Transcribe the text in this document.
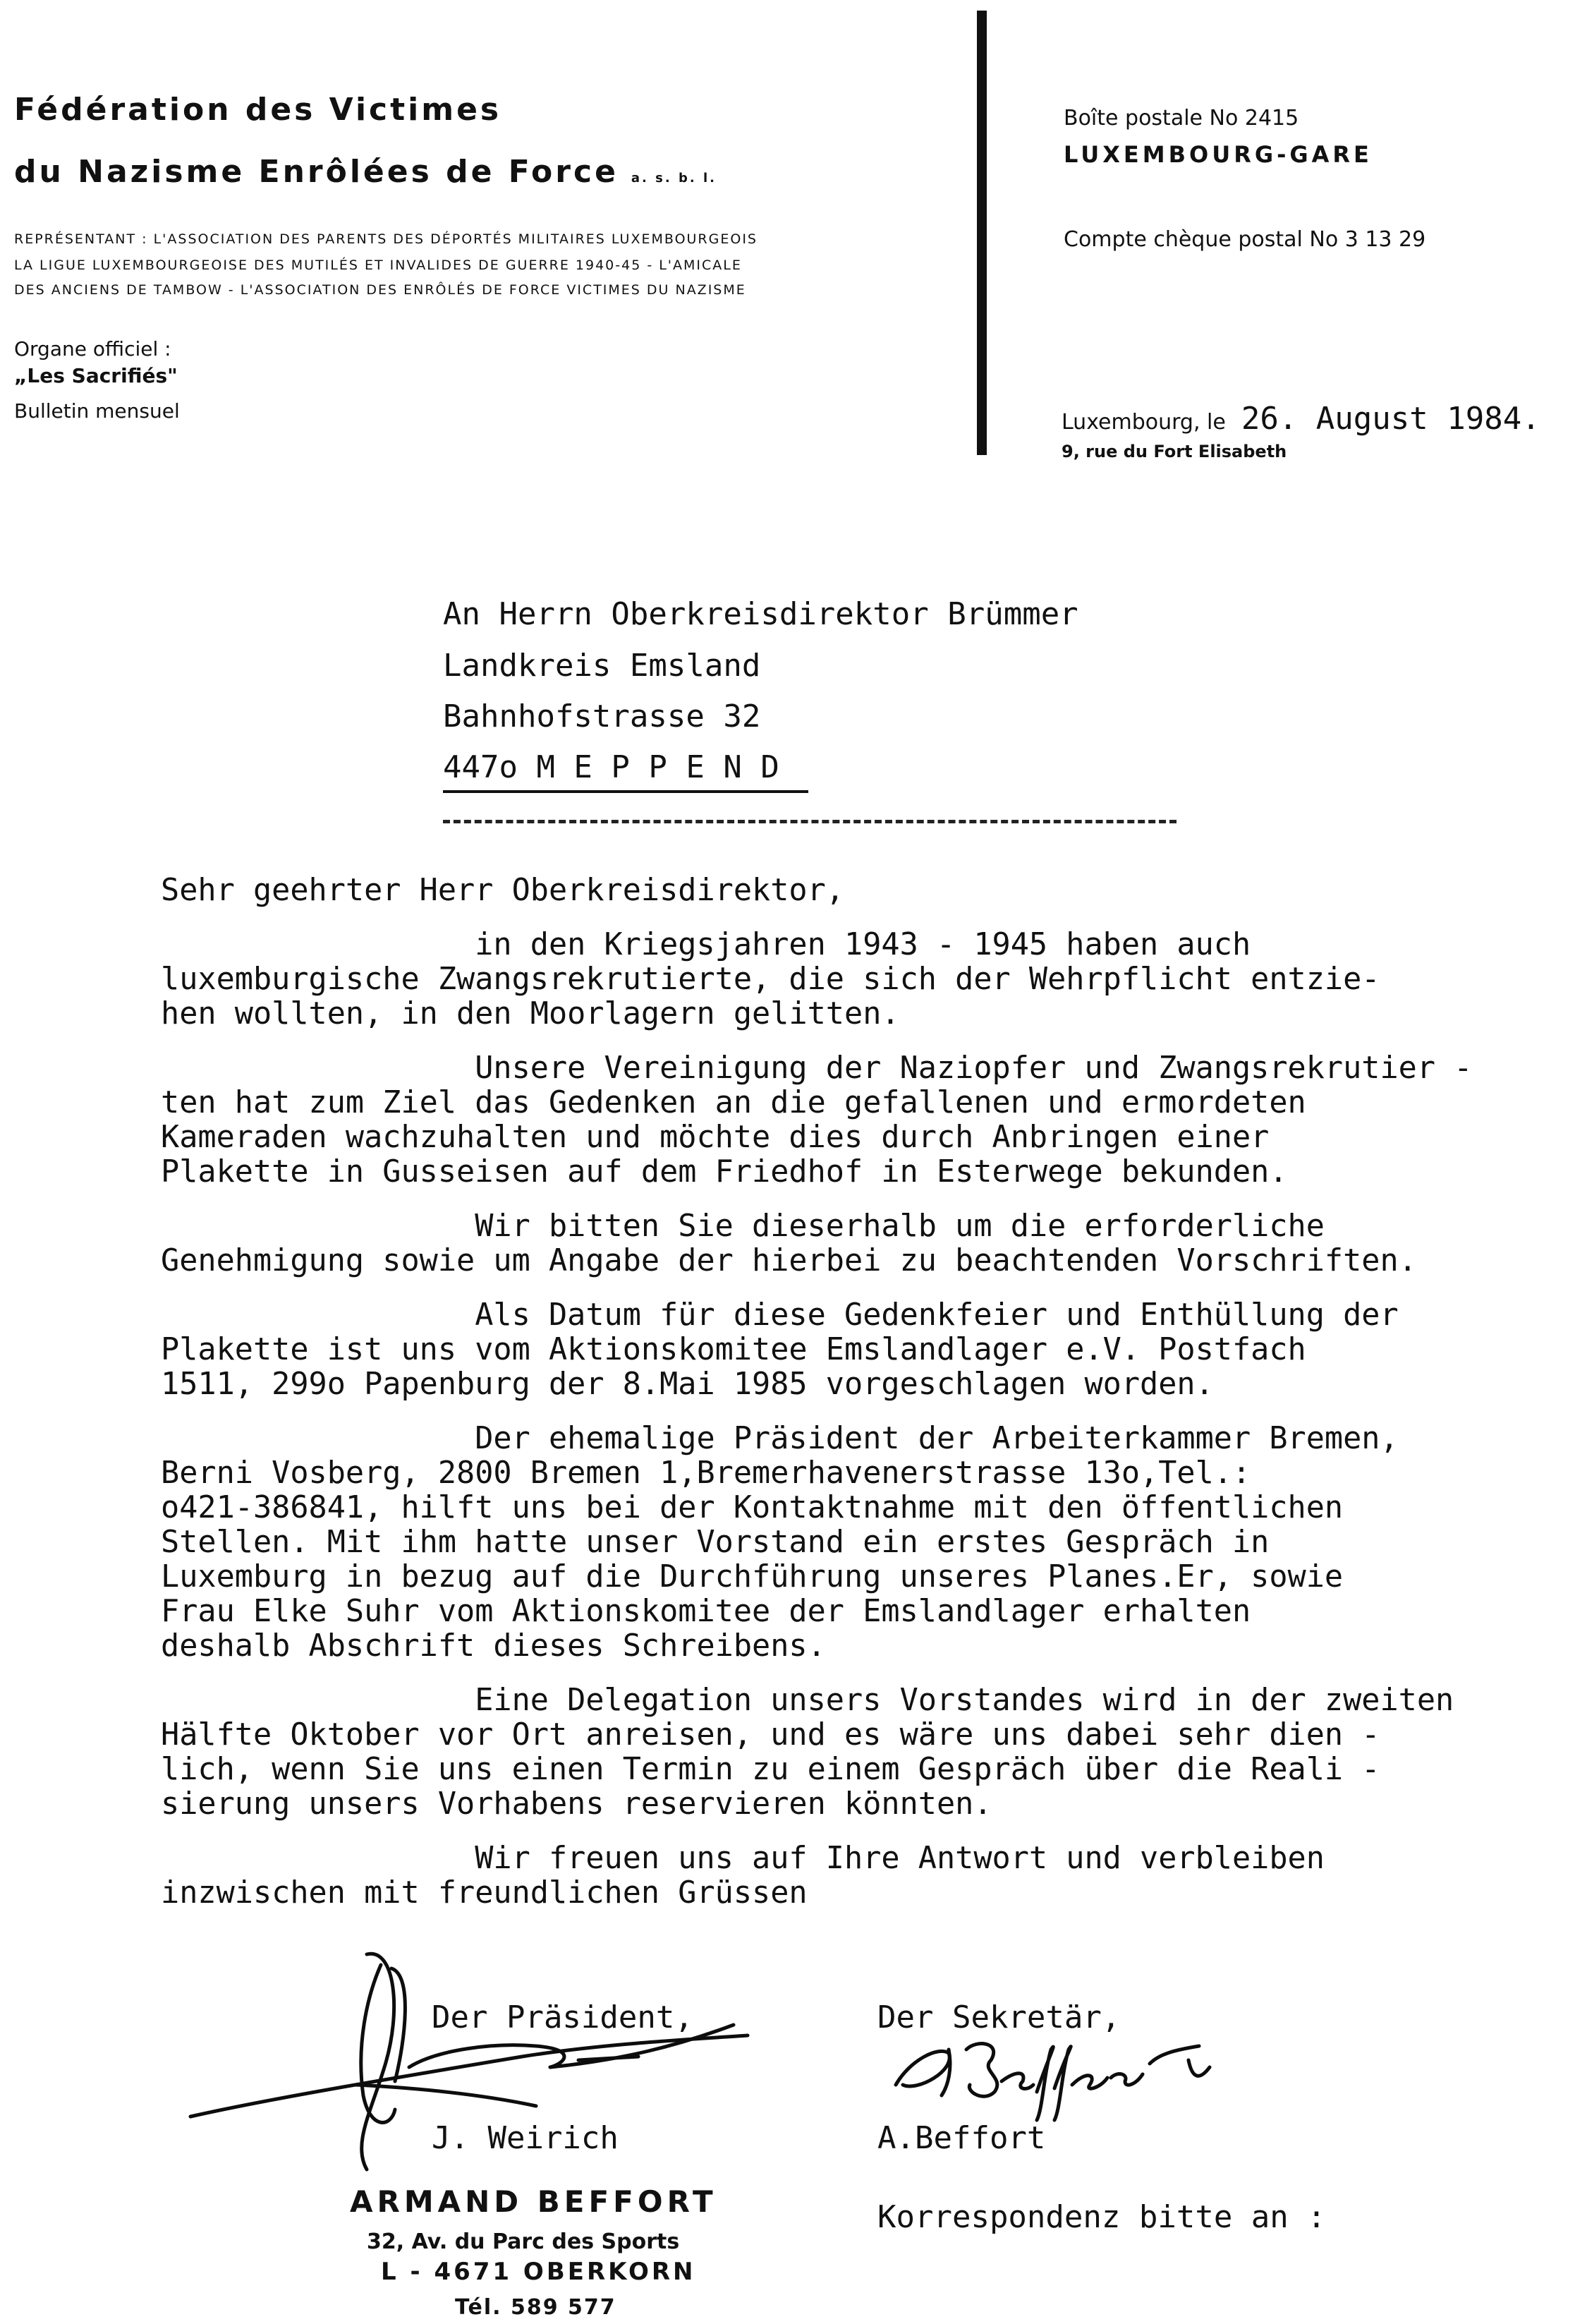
Fédération des Victimes
du Nazisme Enrôlées de Force a. s. b. l.
REPRÉSENTANT : L'ASSOCIATION DES PARENTS DES DÉPORTÉS MILITAIRES LUXEMBOURGEOIS
LA LIGUE LUXEMBOURGEOISE DES MUTILÉS ET INVALIDES DE GUERRE 1940-45 - L'AMICALE
DES ANCIENS DE TAMBOW - L'ASSOCIATION DES ENRÔLÉS DE FORCE VICTIMES DU NAZISME
Organe officiel :
„Les Sacrifiés"
Bulletin mensuel
Boîte postale No 2415
LUXEMBOURG-GARE
Compte chèque postal No 3 13 29
Luxembourg, le 26. August 1984.
9, rue du Fort Elisabeth
An Herrn Oberkreisdirektor Brümmer
Landkreis Emsland
Bahnhofstrasse 32
447o M E P P E N D
Sehr geehrter Herr Oberkreisdirektor,
in den Kriegsjahren 1943 - 1945 haben auch
luxemburgische Zwangsrekrutierte, die sich der Wehrpflicht entzie-
hen wollten, in den Moorlagern gelitten.
Unsere Vereinigung der Naziopfer und Zwangsrekrutier -
ten hat zum Ziel das Gedenken an die gefallenen und ermordeten
Kameraden wachzuhalten und möchte dies durch Anbringen einer
Plakette in Gusseisen auf dem Friedhof in Esterwege bekunden.
Wir bitten Sie dieserhalb um die erforderliche
Genehmigung sowie um Angabe der hierbei zu beachtenden Vorschriften.
Als Datum für diese Gedenkfeier und Enthüllung der
Plakette ist uns vom Aktionskomitee Emslandlager e.V. Postfach
1511, 299o Papenburg der 8.Mai 1985 vorgeschlagen worden.
Der ehemalige Präsident der Arbeiterkammer Bremen,
Berni Vosberg, 2800 Bremen 1,Bremerhavenerstrasse 13o,Tel.:
o421-386841, hilft uns bei der Kontaktnahme mit den öffentlichen
Stellen. Mit ihm hatte unser Vorstand ein erstes Gespräch in
Luxemburg in bezug auf die Durchführung unseres Planes.Er, sowie
Frau Elke Suhr vom Aktionskomitee der Emslandlager erhalten
deshalb Abschrift dieses Schreibens.
Eine Delegation unsers Vorstandes wird in der zweiten
Hälfte Oktober vor Ort anreisen, und es wäre uns dabei sehr dien -
lich, wenn Sie uns einen Termin zu einem Gespräch über die Reali -
sierung unsers Vorhabens reservieren könnten.
Wir freuen uns auf Ihre Antwort und verbleiben
inzwischen mit freundlichen Grüssen
Der Präsident,	Der Sekretär,
J. Weirich	A.Beffort
Korrespondenz bitte an :
ARMAND BEFFORT
32, Av. du Parc des Sports
L - 4671 OBERKORN
Tél. 589 577
